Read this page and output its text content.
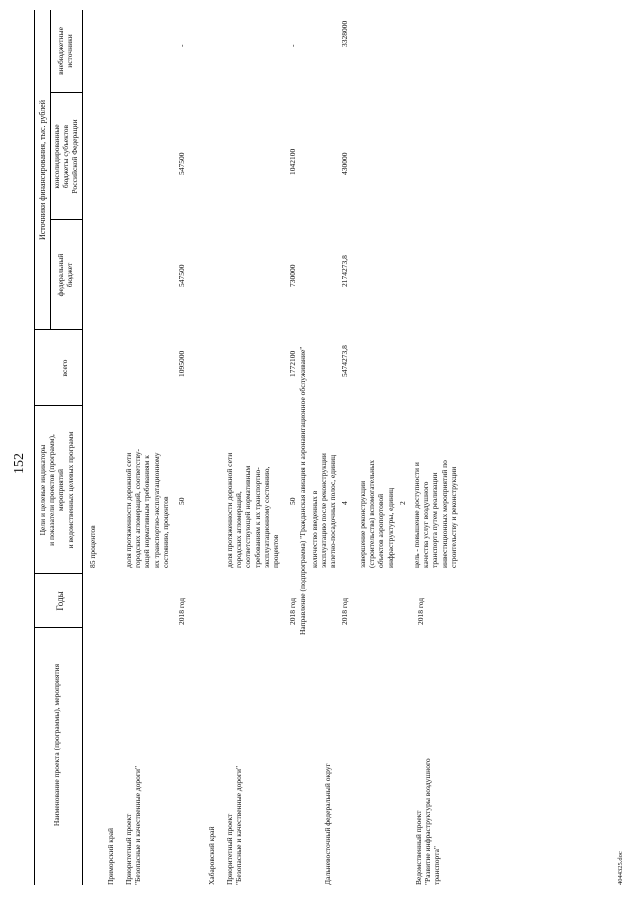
152
Наименование проекта (программы), мероприятия
Годы
Цели и целевые индикаторы
и показатели проектов (программ),
мероприятий
и ведомственных целевых программ
всего
Источники финансирования, тыс. рублей
федеральный
бюджет
консолидированные
бюджеты субъектов
Российской Федерации
внебюджетные
источники
85 процентов
Приморский край Приоритетный проект
"Безопасные и качественные дороги"
доля протяженности дорожной сети
городских агломераций, соответству-
ющей нормативным требованиям к
их транспортно-эксплуатационному
состоянию, процентов
2018 год
50
1095000
547500
547500
-
Хабаровский край Приоритетный проект
"Безопасные и качественные дороги"
доля протяженности дорожной сети
городских агломераций,
соответствующей нормативным
требованиям к их транспортно-
эксплуатационному состоянию,
процентов
2018 год
50
1772100
730000
1042100
-
Направление (подпрограмма) "Гражданская авиация и аэронавигационное обслуживание"
Дальневосточный федеральный округ
количество введенных в
эксплуатацию после реконструкции
взлетно-посадочных полос, единиц
2018 год
4
5474273,8
2174273,8
430000
3328000
завершение реконструкции
(строительства) вспомогательных
объектов аэропортовой
инфраструктуры, единиц 2
Ведомственный проект
"Развитие инфраструктуры воздушного
транспорта"
2018 год
цель - повышение доступности и
качества услуг воздушного
транспорта путем реализации
инвестиционных мероприятий по
строительству и реконструкции
4044325.doc
